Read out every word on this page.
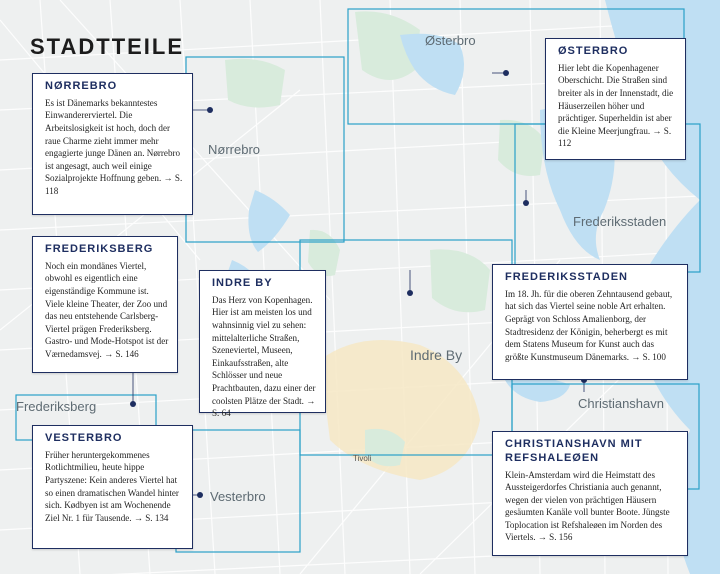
STADTTEILE	Østerbro
Nørrebro
Frederiksstaden
Indre By
Frederiksberg	Christianshavn
Vesterbro
Tivoli
NØRREBRO

Es ist Dänemarks bekanntestes Einwandererviertel. Die Arbeitslosigkeit ist hoch, doch der raue Charme zieht immer mehr engagierte junge Dänen an. Nørrebro ist angesagt, auch weil einige Sozialprojekte Hoffnung geben. → S. 118

ØSTERBRO

Hier lebt die Kopenhagener Oberschicht. Die Straßen sind breiter als in der Innenstadt, die Häuserzeilen höher und prächtiger. Superheldin ist aber die Kleine Meerjungfrau. → S. 112

FREDERIKSBERG

Noch ein mondänes Viertel, obwohl es eigentlich eine eigenständige Kommune ist. Viele kleine Theater, der Zoo und das neu entstehende Carlsberg-Viertel prägen Frederiksberg. Gastro- und Mode-Hotspot ist der Værnedamsvej. → S. 146

INDRE BY

Das Herz von Kopenhagen. Hier ist am meisten los und wahnsinnig viel zu sehen: mittelalterliche Straßen, Szeneviertel, Museen, Einkaufsstraßen, alte Schlösser und neue Prachtbauten, dazu einer der coolsten Plätze der Stadt. → S. 64

FREDERIKSSTADEN

Im 18. Jh. für die oberen Zehntausend gebaut, hat sich das Viertel seine noble Art erhalten. Geprägt von Schloss Amalienborg, der Stadtresidenz der Königin, beherbergt es mit dem Statens Museum for Kunst auch das größte Kunstmuseum Dänemarks. → S. 100

VESTERBRO

Früher heruntergekommenes Rotlichtmilieu, heute hippe Partyszene: Kein anderes Viertel hat so einen dramatischen Wandel hinter sich. Kødbyen ist am Wochenende Ziel Nr. 1 für Tausende. → S. 134

CHRISTIANSHAVN MIT REFSHALEØEN

Klein-Amsterdam wird die Heimstatt des Aussteigerdorfes Christiania auch genannt, wegen der vielen von prächtigen Häusern gesäumten Kanäle voll bunter Boote. Jüngste Toplocation ist Refshaleøen im Norden des Viertels. → S. 156
